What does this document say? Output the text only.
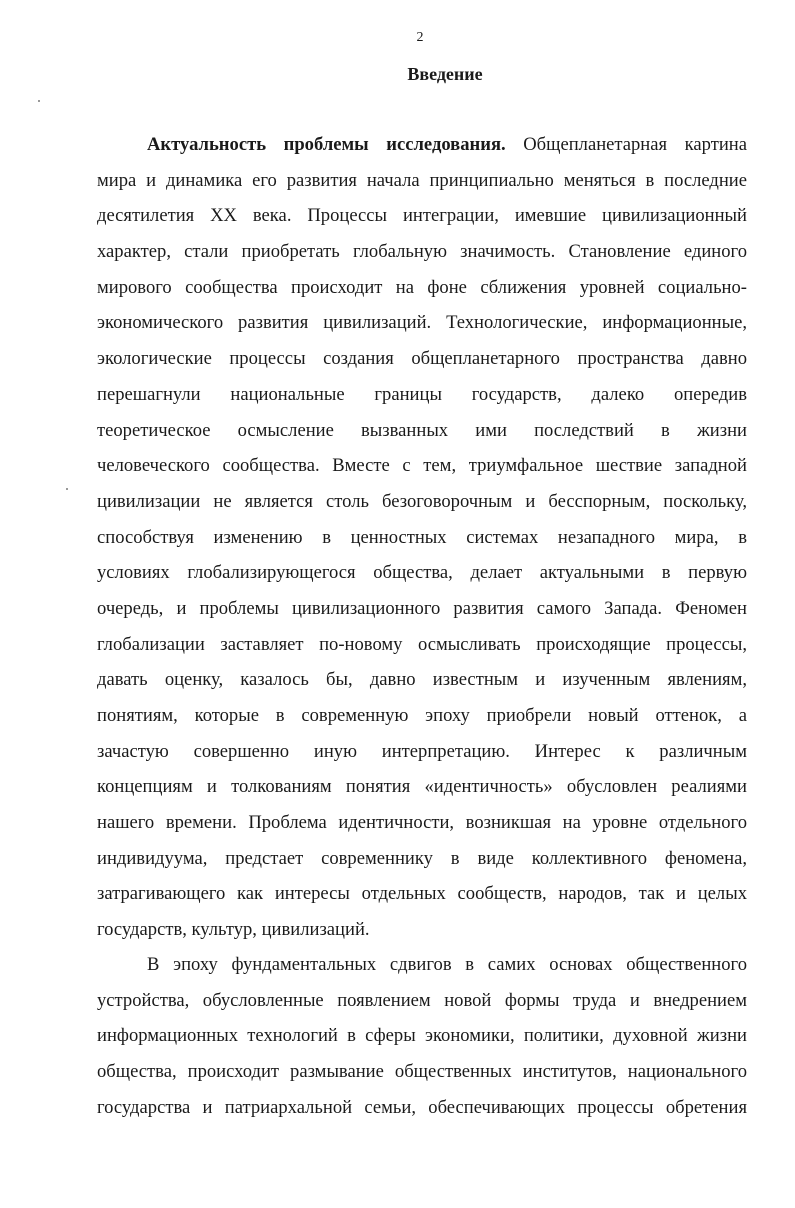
2
Введение
Актуальность проблемы исследования. Общепланетарная картина
мира и динамика его развития начала принципиально меняться в последние
десятилетия XX века. Процессы интеграции, имевшие цивилизационный
характер, стали приобретать глобальную значимость. Становление единого
мирового сообщества происходит на фоне сближения уровней социально-
экономического развития цивилизаций. Технологические, информационные,
экологические процессы создания общепланетарного пространства давно
перешагнули национальные границы государств, далеко опередив
теоретическое осмысление вызванных ими последствий в жизни
человеческого сообщества. Вместе с тем, триумфальное шествие западной
цивилизации не является столь безоговорочным и бесспорным, поскольку,
способствуя изменению в ценностных системах незападного мира, в
условиях глобализирующегося общества, делает актуальными в первую
очередь, и проблемы цивилизационного развития самого Запада. Феномен
глобализации заставляет по-новому осмысливать происходящие процессы,
давать оценку, казалось бы, давно известным и изученным явлениям,
понятиям, которые в современную эпоху приобрели новый оттенок, а
зачастую совершенно иную интерпретацию. Интерес к различным
концепциям и толкованиям понятия «идентичность» обусловлен реалиями
нашего времени. Проблема идентичности, возникшая на уровне отдельного
индивидуума, предстает современнику в виде коллективного феномена,
затрагивающего как интересы отдельных сообществ, народов, так и целых
государств, культур, цивилизаций.
В эпоху фундаментальных сдвигов в самих основах общественного
устройства, обусловленные появлением новой формы труда и внедрением
информационных технологий в сферы экономики, политики, духовной жизни
общества, происходит размывание общественных институтов, национального
государства и патриархальной семьи, обеспечивающих процессы обретения
